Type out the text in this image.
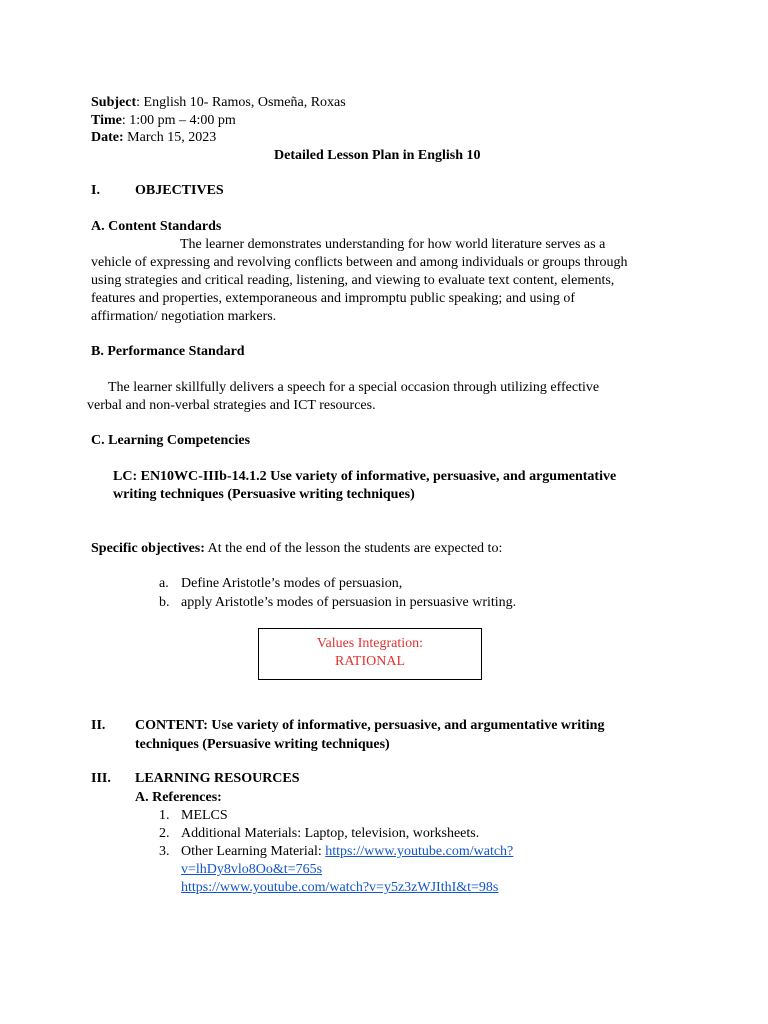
Subject: English 10- Ramos, Osmeña, Roxas
Time: 1:00 pm – 4:00 pm
Date: March 15, 2023
Detailed Lesson Plan in English 10
I.	OBJECTIVES
A. Content Standards

The learner demonstrates understanding for how world literature serves as a

vehicle of expressing and revolving conflicts between and among individuals or groups through

using strategies and critical reading, listening, and viewing to evaluate text content, elements,

features and properties, extemporaneous and impromptu public speaking; and using of

affirmation/ negotiation markers.

B. Performance Standard

The learner skillfully delivers a speech for a special occasion through utilizing effective

verbal and non-verbal strategies and ICT resources.

C. Learning Competencies
LC: EN10WC-IIIb-14.1.2 Use variety of informative, persuasive, and argumentative
writing techniques (Persuasive writing techniques)
Specific objectives: At the end of the lesson the students are expected to:
a. Define Aristotle’s modes of persuasion,
b. apply Aristotle’s modes of persuasion in persuasive writing.
Values Integration:
RATIONAL
II. CONTENT: Use variety of informative, persuasive, and argumentative writing
techniques (Persuasive writing techniques)
III. LEARNING RESOURCES
A. References:
1. MELCS
2. Additional Materials: Laptop, television, worksheets.
3. Other Learning Material: https://www.youtube.com/watch?
v=lhDy8vlo8Oo&t=765s
https://www.youtube.com/watch?v=y5z3zWJIthI&t=98s
